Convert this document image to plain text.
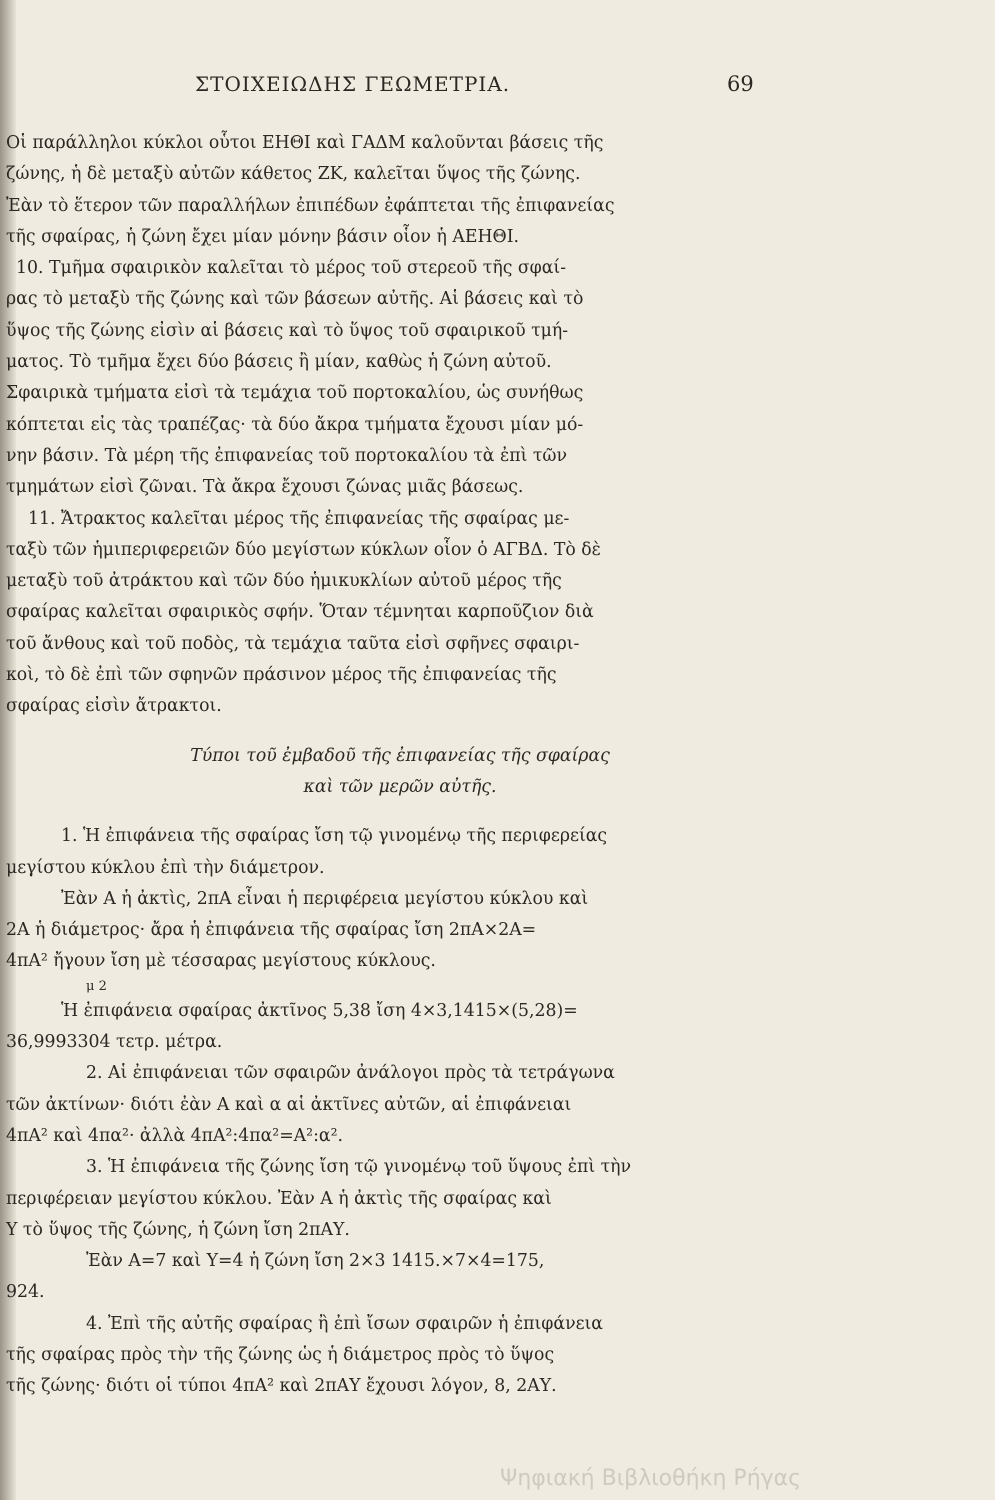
ΣΤΟΙΧΕΙΩΔΗΣ ΓΕΩΜΕΤΡΙΑ.	69
Οἱ παράλληλοι κύκλοι οὗτοι ΕΗΘΙ καὶ ΓΑΔΜ καλοῦνται βάσεις τῆς
ζώνης, ἡ δὲ μεταξὺ αὐτῶν κάθετος ΖΚ, καλεῖται ὕψος τῆς ζώνης.
Ἐὰν τὸ ἕτερον τῶν παραλλήλων ἐπιπέδων ἐφάπτεται τῆς ἐπιφανείας
τῆς σφαίρας, ἡ ζώνη ἔχει μίαν μόνην βάσιν οἷον ἡ ΑΕΗΘΙ.
10. Τμῆμα σφαιρικὸν καλεῖται τὸ μέρος τοῦ στερεοῦ τῆς σφαί-
ρας τὸ μεταξὺ τῆς ζώνης καὶ τῶν βάσεων αὐτῆς. Αἱ βάσεις καὶ τὸ
ὕψος τῆς ζώνης εἰσὶν αἱ βάσεις καὶ τὸ ὕψος τοῦ σφαιρικοῦ τμή-
ματος. Τὸ τμῆμα ἔχει δύο βάσεις ἢ μίαν, καθὼς ἡ ζώνη αὐτοῦ.
Σφαιρικὰ τμήματα εἰσὶ τὰ τεμάχια τοῦ πορτοκαλίου, ὡς συνήθως
κόπτεται εἰς τὰς τραπέζας· τὰ δύο ἄκρα τμήματα ἔχουσι μίαν μό-
νην βάσιν. Τὰ μέρη τῆς ἐπιφανείας τοῦ πορτοκαλίου τὰ ἐπὶ τῶν
τμημάτων εἰσὶ ζῶναι. Τὰ ἄκρα ἔχουσι ζώνας μιᾶς βάσεως.
11. Ἄτρακτος καλεῖται μέρος τῆς ἐπιφανείας τῆς σφαίρας με-
ταξὺ τῶν ἡμιπεριφερειῶν δύο μεγίστων κύκλων οἷον ὁ ΑΓΒΔ. Τὸ δὲ
μεταξὺ τοῦ ἀτράκτου καὶ τῶν δύο ἡμικυκλίων αὐτοῦ μέρος τῆς
σφαίρας καλεῖται σφαιρικὸς σφήν. Ὅταν τέμνηται καρποῦζιον διὰ
τοῦ ἄνθους καὶ τοῦ ποδὸς, τὰ τεμάχια ταῦτα εἰσὶ σφῆνες σφαιρι-
κοὶ, τὸ δὲ ἐπὶ τῶν σφηνῶν πράσινον μέρος τῆς ἐπιφανείας τῆς
σφαίρας εἰσὶν ἄτρακτοι.
Τύποι τοῦ ἐμβαδοῦ τῆς ἐπιφανείας τῆς σφαίρας
καὶ τῶν μερῶν αὐτῆς.
1. Ἡ ἐπιφάνεια τῆς σφαίρας ἴση τῷ γινομένῳ τῆς περιφερείας
μεγίστου κύκλου ἐπὶ τὴν διάμετρον.
Ἐὰν Α ἡ ἀκτὶς, 2πΑ εἶναι ἡ περιφέρεια μεγίστου κύκλου καὶ
2Α ἡ διάμετρος· ἄρα ἡ ἐπιφάνεια τῆς σφαίρας ἴση 2πΑ×2Α=
4πΑ² ἤγουν ἴση μὲ τέσσαρας μεγίστους κύκλους.
μ 2
Ἡ ἐπιφάνεια σφαίρας ἀκτῖνος 5,38 ἴση 4×3,1415×(5,28)=
36,9993304 τετρ. μέτρα.
2. Αἱ ἐπιφάνειαι τῶν σφαιρῶν ἀνάλογοι πρὸς τὰ τετράγωνα
τῶν ἀκτίνων· διότι ἐὰν Α καὶ α αἱ ἀκτῖνες αὐτῶν, αἱ ἐπιφάνειαι
4πΑ² καὶ 4πα²· ἀλλὰ 4πΑ²:4πα²=Α²:α².
3. Ἡ ἐπιφάνεια τῆς ζώνης ἴση τῷ γινομένῳ τοῦ ὕψους ἐπὶ τὴν
περιφέρειαν μεγίστου κύκλου. Ἐὰν Α ἡ ἀκτὶς τῆς σφαίρας καὶ
Υ τὸ ὕψος τῆς ζώνης, ἡ ζώνη ἴση 2πΑΥ.
Ἐὰν Α=7 καὶ Υ=4 ἡ ζώνη ἴση 2×3 1415.×7×4=175,
924.
4. Ἐπὶ τῆς αὐτῆς σφαίρας ἢ ἐπὶ ἴσων σφαιρῶν ἡ ἐπιφάνεια
τῆς σφαίρας πρὸς τὴν τῆς ζώνης ὡς ἡ διάμετρος πρὸς τὸ ὕψος
τῆς ζώνης· διότι οἱ τύποι 4πΑ² καὶ 2πΑΥ ἔχουσι λόγον, 8, 2ΑΥ.
Ψηφιακή Βιβλιοθήκη Ρήγας
